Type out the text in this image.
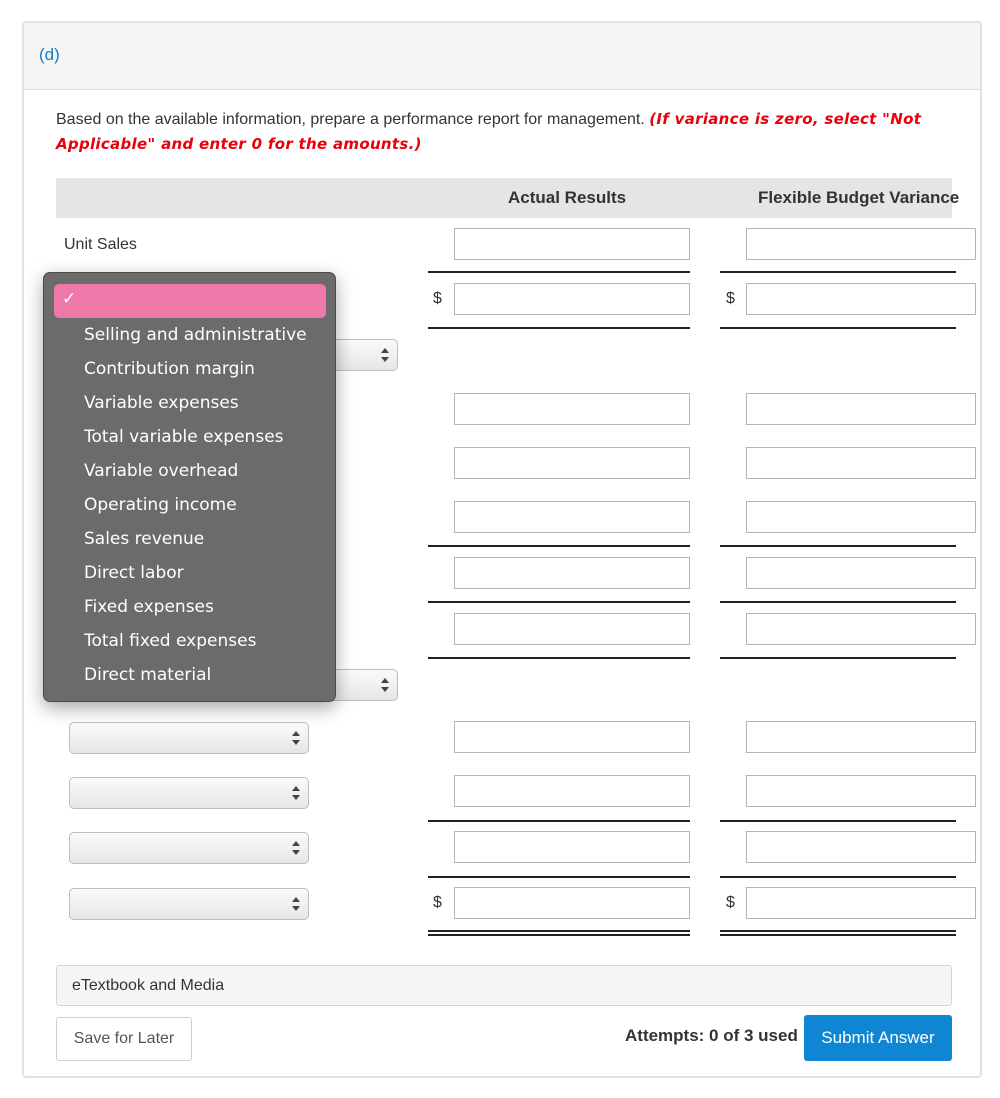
(d)
Based on the available information, prepare a performance report for management. (If variance is zero, select "Not Applicable" and enter 0 for the amounts.)
Actual Results	Flexible Budget Variance
Unit Sales
$	$
$	$
✓
Selling and administrative
Contribution margin
Variable expenses
Total variable expenses
Variable overhead
Operating income
Sales revenue
Direct labor
Fixed expenses
Total fixed expenses
Direct material
eTextbook and Media
Save for Later	Attempts: 0 of 3 used	Submit Answer
